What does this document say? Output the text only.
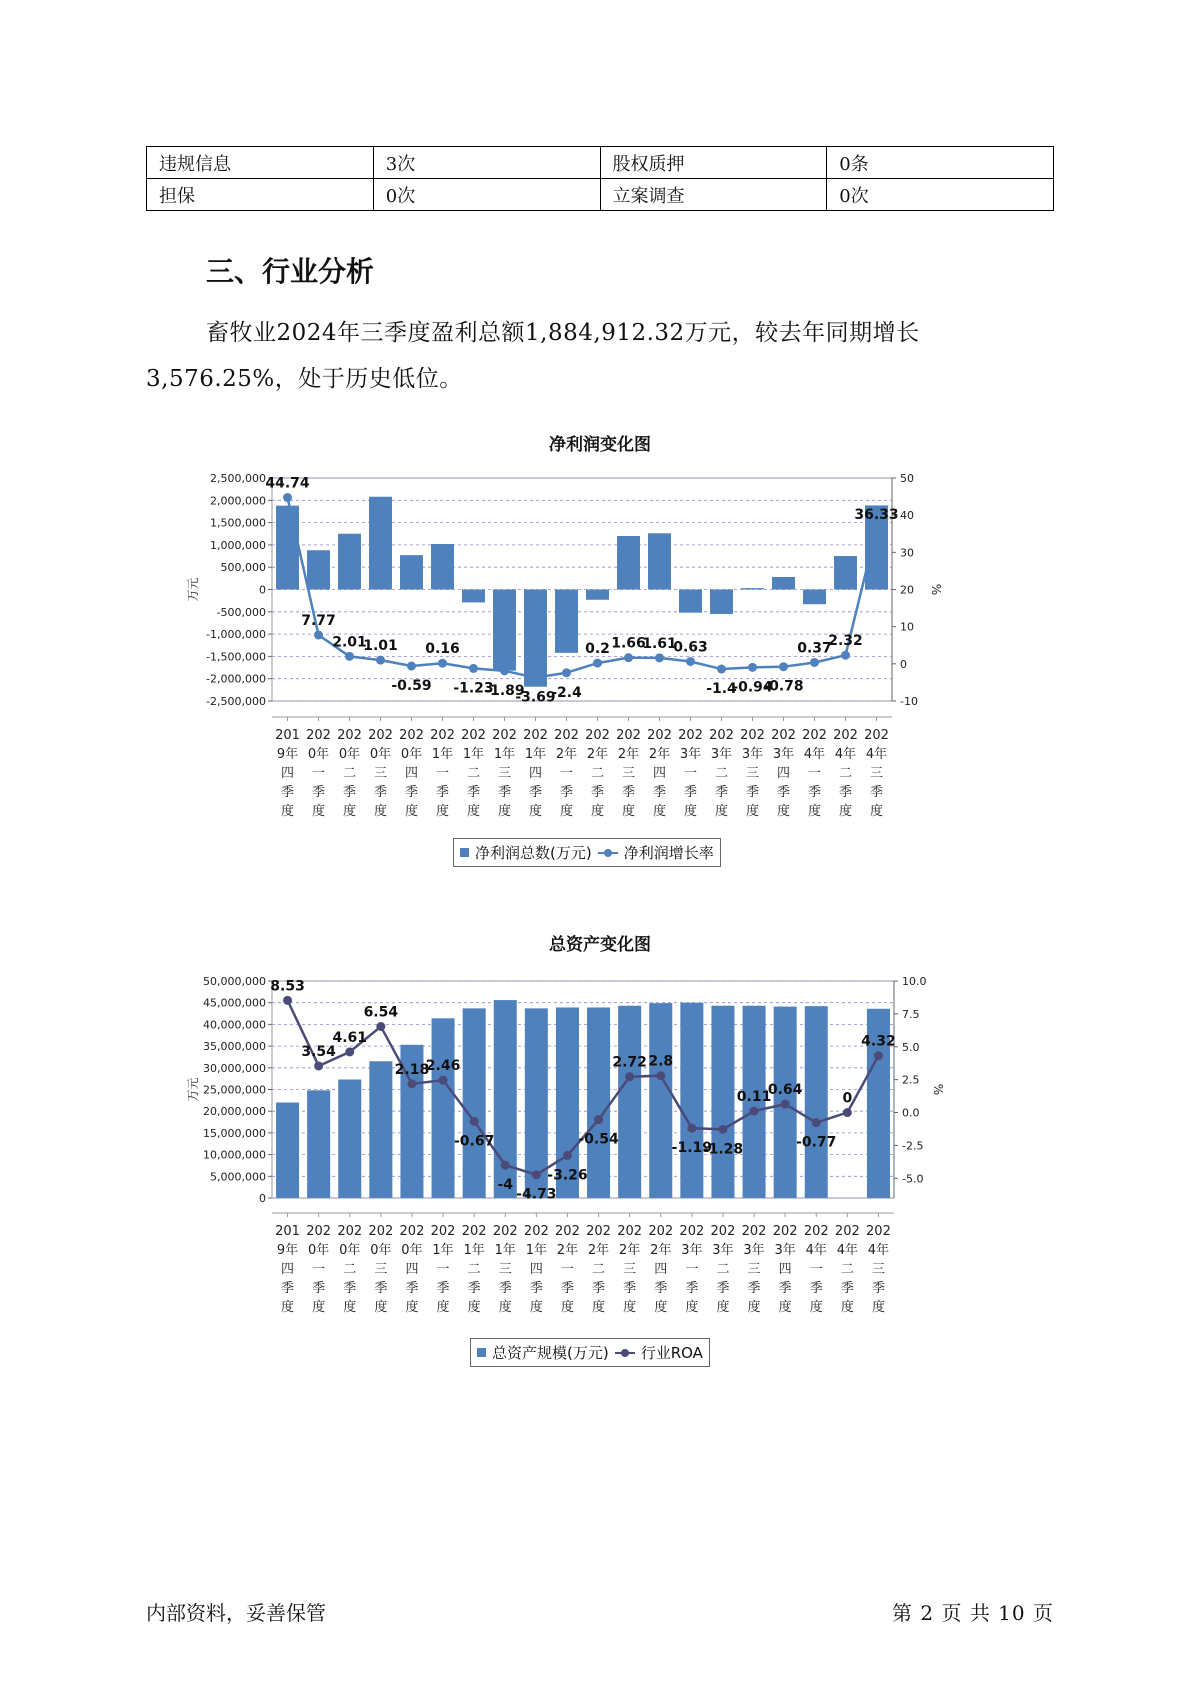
违规信息	3次	股权质押	0条
担保	0次	立案调查	0次
三、行业分析

畜牧业2024年三季度盈利总额1,884,912.32万元，较去年同期增长3,576.25%，处于历史低位。

净利润变化图
2,500,000
2,000,000
1,500,000
1,000,000
500,000
0
-500,000
-1,000,000
-1,500,000
-2,000,000
-2,500,000
50
40
30
20
10
0
-10
万元	%
201
9年
四
季
度
202
0年
一
季
度
202
0年
二
季
度
202
0年
三
季
度
202
0年
四
季
度
202
1年
一
季
度
202
1年
二
季
度
202
1年
三
季
度
202
1年
四
季
度
202
2年
一
季
度
202
2年
二
季
度
202
2年
三
季
度
202
2年
四
季
度
202
3年
一
季
度
202
3年
二
季
度
202
3年
三
季
度
202
3年
四
季
度
202
4年
一
季
度
202
4年
二
季
度
202
4年
三
季
度
44.74
7.77
2.01
1.01
-0.59
0.16
-1.23
-1.89
-3.69
-2.4
0.2 1.66
1.61
0.63
-1.4
-0.94
-0.78
0.37
2.32
36.33
净利润总数(万元) 净利润增长率
总资产变化图
50,000,000
45,000,000
40,000,000
35,000,000
30,000,000
25,000,000
20,000,000
15,000,000
10,000,000
5,000,000
0
10.0
7.5
5.0
2.5
0.0
-2.5
-5.0
万元	%
201
9年
四
季
度
202
0年
一
季
度
202
0年
二
季
度
202
0年
三
季
度
202
0年
四
季
度
202
1年
一
季
度
202
1年
二
季
度
202
1年
三
季
度
202
1年
四
季
度
202
2年
一
季
度
202
2年
二
季
度
202
2年
三
季
度
202
2年
四
季
度
202
3年
一
季
度
202
3年
二
季
度
202
3年
三
季
度
202
3年
四
季
度
202
4年
一
季
度
202
4年
二
季
度
202
4年
三
季
度
8.53
3.54
4.61
6.54
2.18
2.46
-0.67
-4
-4.73
-3.26
-0.54
2.72 2.8
-1.19
-1.28
0.11
0.64
-0.77
0
4.32
总资产规模(万元) 行业ROA
内部资料，妥善保管	第 2 页 共 10 页
